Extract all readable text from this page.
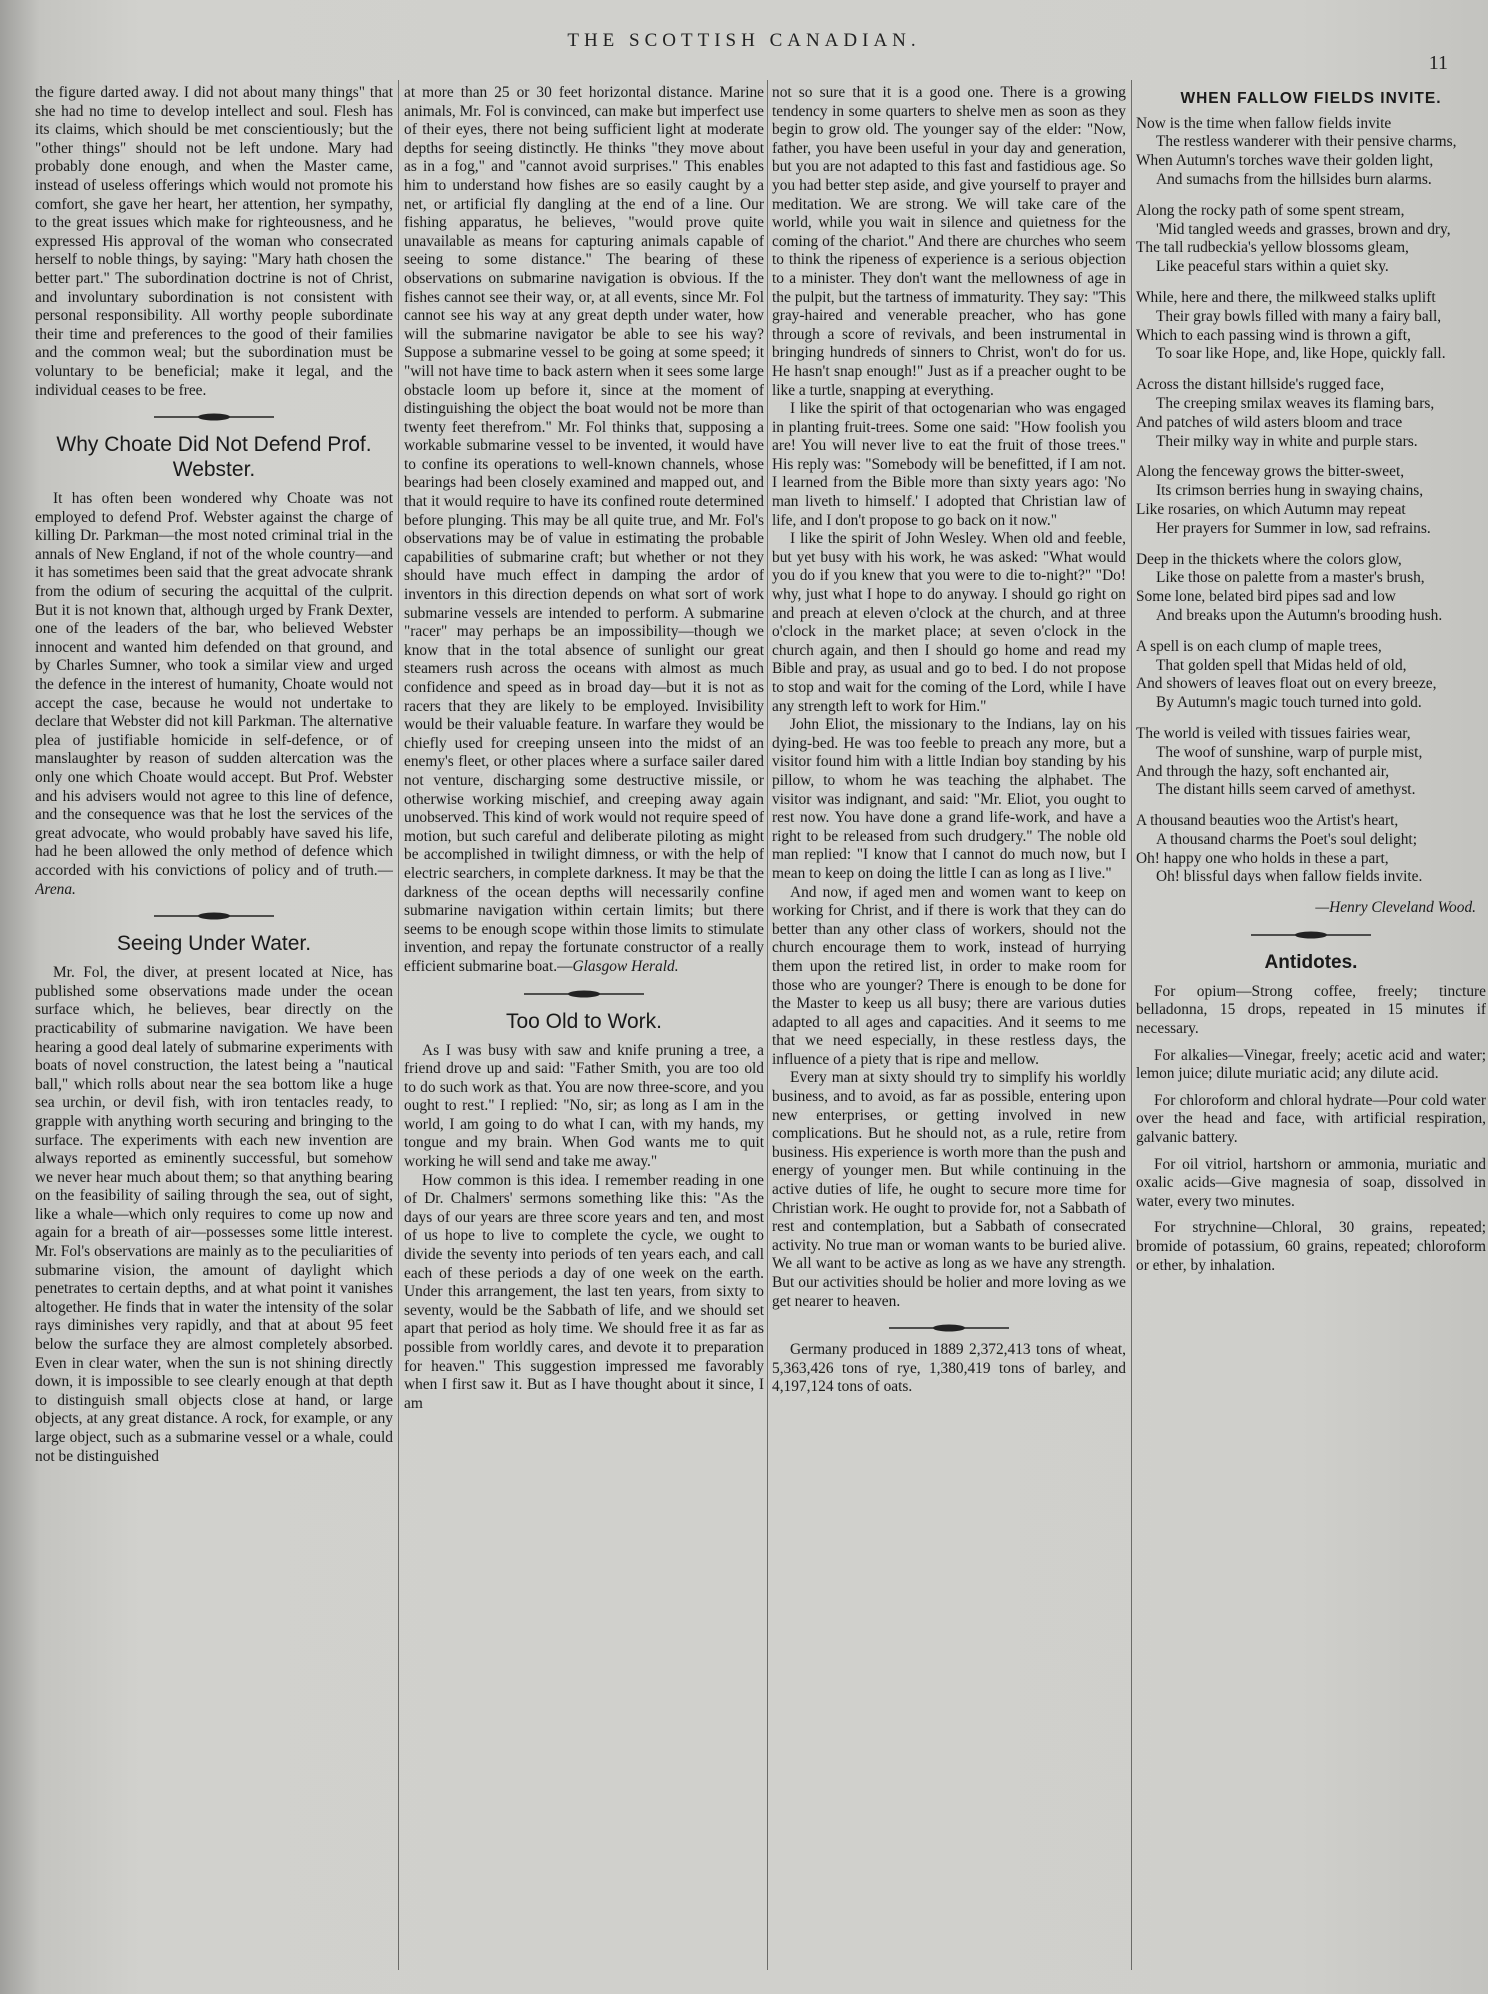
THE SCOTTISH CANADIAN.
11

the figure darted away. I did not about many things" that she had no time to develop intellect and soul. Flesh has its claims, which should be met conscientiously; but the "other things" should not be left undone. Mary had probably done enough, and when the Master came, instead of useless offerings which would not promote his comfort, she gave her heart, her attention, her sympathy, to the great issues which make for righteousness, and he expressed His approval of the woman who consecrated herself to noble things, by saying: "Mary hath chosen the better part." The subordination doctrine is not of Christ, and involuntary subordination is not consistent with personal responsibility. All worthy people subordinate their time and preferences to the good of their families and the common weal; but the subordination must be voluntary to be beneficial; make it legal, and the individual ceases to be free.

Why Choate Did Not Defend Prof. Webster.

It has often been wondered why Choate was not employed to defend Prof. Webster against the charge of killing Dr. Parkman—the most noted criminal trial in the annals of New England, if not of the whole country—and it has sometimes been said that the great advocate shrank from the odium of securing the acquittal of the culprit. But it is not known that, although urged by Frank Dexter, one of the leaders of the bar, who believed Webster innocent and wanted him defended on that ground, and by Charles Sumner, who took a similar view and urged the defence in the interest of humanity, Choate would not accept the case, because he would not undertake to declare that Webster did not kill Parkman. The alternative plea of justifiable homicide in self-defence, or of manslaughter by reason of sudden altercation was the only one which Choate would accept. But Prof. Webster and his advisers would not agree to this line of defence, and the consequence was that he lost the services of the great advocate, who would probably have saved his life, had he been allowed the only method of defence which accorded with his convictions of policy and of truth.—Arena.

Seeing Under Water.

Mr. Fol, the diver, at present located at Nice, has published some observations made under the ocean surface which, he believes, bear directly on the practicability of submarine navigation. We have been hearing a good deal lately of submarine experiments with boats of novel construction, the latest being a "nautical ball," which rolls about near the sea bottom like a huge sea urchin, or devil fish, with iron tentacles ready, to grapple with anything worth securing and bringing to the surface. The experiments with each new invention are always reported as eminently successful, but somehow we never hear much about them; so that anything bearing on the feasibility of sailing through the sea, out of sight, like a whale—which only requires to come up now and again for a breath of air—possesses some little interest. Mr. Fol's observations are mainly as to the peculiarities of submarine vision, the amount of daylight which penetrates to certain depths, and at what point it vanishes altogether. He finds that in water the intensity of the solar rays diminishes very rapidly, and that at about 95 feet below the surface they are almost completely absorbed. Even in clear water, when the sun is not shining directly down, it is impossible to see clearly enough at that depth to distinguish small objects close at hand, or large objects, at any great distance. A rock, for example, or any large object, such as a submarine vessel or a whale, could not be distinguished

at more than 25 or 30 feet horizontal distance. Marine animals, Mr. Fol is convinced, can make but imperfect use of their eyes, there not being sufficient light at moderate depths for seeing distinctly. He thinks "they move about as in a fog," and "cannot avoid surprises." This enables him to understand how fishes are so easily caught by a net, or artificial fly dangling at the end of a line. Our fishing apparatus, he believes, "would prove quite unavailable as means for capturing animals capable of seeing to some distance." The bearing of these observations on submarine navigation is obvious. If the fishes cannot see their way, or, at all events, since Mr. Fol cannot see his way at any great depth under water, how will the submarine navigator be able to see his way? Suppose a submarine vessel to be going at some speed; it "will not have time to back astern when it sees some large obstacle loom up before it, since at the moment of distinguishing the object the boat would not be more than twenty feet therefrom." Mr. Fol thinks that, supposing a workable submarine vessel to be invented, it would have to confine its operations to well-known channels, whose bearings had been closely examined and mapped out, and that it would require to have its confined route determined before plunging. This may be all quite true, and Mr. Fol's observations may be of value in estimating the probable capabilities of submarine craft; but whether or not they should have much effect in damping the ardor of inventors in this direction depends on what sort of work submarine vessels are intended to perform. A submarine "racer" may perhaps be an impossibility—though we know that in the total absence of sunlight our great steamers rush across the oceans with almost as much confidence and speed as in broad day—but it is not as racers that they are likely to be employed. Invisibility would be their valuable feature. In warfare they would be chiefly used for creeping unseen into the midst of an enemy's fleet, or other places where a surface sailer dared not venture, discharging some destructive missile, or otherwise working mischief, and creeping away again unobserved. This kind of work would not require speed of motion, but such careful and deliberate piloting as might be accomplished in twilight dimness, or with the help of electric searchers, in complete darkness. It may be that the darkness of the ocean depths will necessarily confine submarine navigation within certain limits; but there seems to be enough scope within those limits to stimulate invention, and repay the fortunate constructor of a really efficient submarine boat.—Glasgow Herald.

Too Old to Work.

As I was busy with saw and knife pruning a tree, a friend drove up and said: "Father Smith, you are too old to do such work as that. You are now three-score, and you ought to rest." I replied: "No, sir; as long as I am in the world, I am going to do what I can, with my hands, my tongue and my brain. When God wants me to quit working he will send and take me away."

How common is this idea. I remember reading in one of Dr. Chalmers' sermons something like this: "As the days of our years are three score years and ten, and most of us hope to live to complete the cycle, we ought to divide the seventy into periods of ten years each, and call each of these periods a day of one week on the earth. Under this arrangement, the last ten years, from sixty to seventy, would be the Sabbath of life, and we should set apart that period as holy time. We should free it as far as possible from worldly cares, and devote it to preparation for heaven." This suggestion impressed me favorably when I first saw it. But as I have thought about it since, I am

not so sure that it is a good one. There is a growing tendency in some quarters to shelve men as soon as they begin to grow old. The younger say of the elder: "Now, father, you have been useful in your day and generation, but you are not adapted to this fast and fastidious age. So you had better step aside, and give yourself to prayer and meditation. We are strong. We will take care of the world, while you wait in silence and quietness for the coming of the chariot." And there are churches who seem to think the ripeness of experience is a serious objection to a minister. They don't want the mellowness of age in the pulpit, but the tartness of immaturity. They say: "This gray-haired and venerable preacher, who has gone through a score of revivals, and been instrumental in bringing hundreds of sinners to Christ, won't do for us. He hasn't snap enough!" Just as if a preacher ought to be like a turtle, snapping at everything.

I like the spirit of that octogenarian who was engaged in planting fruit-trees. Some one said: "How foolish you are! You will never live to eat the fruit of those trees." His reply was: "Somebody will be benefitted, if I am not. I learned from the Bible more than sixty years ago: 'No man liveth to himself.' I adopted that Christian law of life, and I don't propose to go back on it now."

I like the spirit of John Wesley. When old and feeble, but yet busy with his work, he was asked: "What would you do if you knew that you were to die to-night?" "Do! why, just what I hope to do anyway. I should go right on and preach at eleven o'clock at the church, and at three o'clock in the market place; at seven o'clock in the church again, and then I should go home and read my Bible and pray, as usual and go to bed. I do not propose to stop and wait for the coming of the Lord, while I have any strength left to work for Him."

John Eliot, the missionary to the Indians, lay on his dying-bed. He was too feeble to preach any more, but a visitor found him with a little Indian boy standing by his pillow, to whom he was teaching the alphabet. The visitor was indignant, and said: "Mr. Eliot, you ought to rest now. You have done a grand life-work, and have a right to be released from such drudgery." The noble old man replied: "I know that I cannot do much now, but I mean to keep on doing the little I can as long as I live."

And now, if aged men and women want to keep on working for Christ, and if there is work that they can do better than any other class of workers, should not the church encourage them to work, instead of hurrying them upon the retired list, in order to make room for those who are younger? There is enough to be done for the Master to keep us all busy; there are various duties adapted to all ages and capacities. And it seems to me that we need especially, in these restless days, the influence of a piety that is ripe and mellow.

Every man at sixty should try to simplify his worldly business, and to avoid, as far as possible, entering upon new enterprises, or getting involved in new complications. But he should not, as a rule, retire from business. His experience is worth more than the push and energy of younger men. But while continuing in the active duties of life, he ought to secure more time for Christian work. He ought to provide for, not a Sabbath of rest and contemplation, but a Sabbath of consecrated activity. No true man or woman wants to be buried alive. We all want to be active as long as we have any strength. But our activities should be holier and more loving as we get nearer to heaven.

Germany produced in 1889 2,372,413 tons of wheat, 5,363,426 tons of rye, 1,380,419 tons of barley, and 4,197,124 tons of oats.

WHEN FALLOW FIELDS INVITE.

Now is the time when fallow fields invite

The restless wanderer with their pensive charms,

When Autumn's torches wave their golden light,

And sumachs from the hillsides burn alarms.

Along the rocky path of some spent stream,

'Mid tangled weeds and grasses, brown and dry,

The tall rudbeckia's yellow blossoms gleam,

Like peaceful stars within a quiet sky.

While, here and there, the milkweed stalks uplift

Their gray bowls filled with many a fairy ball,

Which to each passing wind is thrown a gift,

To soar like Hope, and, like Hope, quickly fall.

Across the distant hillside's rugged face,

The creeping smilax weaves its flaming bars,

And patches of wild asters bloom and trace

Their milky way in white and purple stars.

Along the fenceway grows the bitter-sweet,

Its crimson berries hung in swaying chains,

Like rosaries, on which Autumn may repeat

Her prayers for Summer in low, sad refrains.

Deep in the thickets where the colors glow,

Like those on palette from a master's brush,

Some lone, belated bird pipes sad and low

And breaks upon the Autumn's brooding hush.

A spell is on each clump of maple trees,

That golden spell that Midas held of old,

And showers of leaves float out on every breeze,

By Autumn's magic touch turned into gold.

The world is veiled with tissues fairies wear,

The woof of sunshine, warp of purple mist,

And through the hazy, soft enchanted air,

The distant hills seem carved of amethyst.

A thousand beauties woo the Artist's heart,

A thousand charms the Poet's soul delight;

Oh! happy one who holds in these a part,

Oh! blissful days when fallow fields invite.

—Henry Cleveland Wood.

Antidotes.

For opium—Strong coffee, freely; tincture belladonna, 15 drops, repeated in 15 minutes if necessary.

For alkalies—Vinegar, freely; acetic acid and water; lemon juice; dilute muriatic acid; any dilute acid.

For chloroform and chloral hydrate—Pour cold water over the head and face, with artificial respiration, galvanic battery.

For oil vitriol, hartshorn or ammonia, muriatic and oxalic acids—Give magnesia of soap, dissolved in water, every two minutes.

For strychnine—Chloral, 30 grains, repeated; bromide of potassium, 60 grains, repeated; chloroform or ether, by inhalation.
